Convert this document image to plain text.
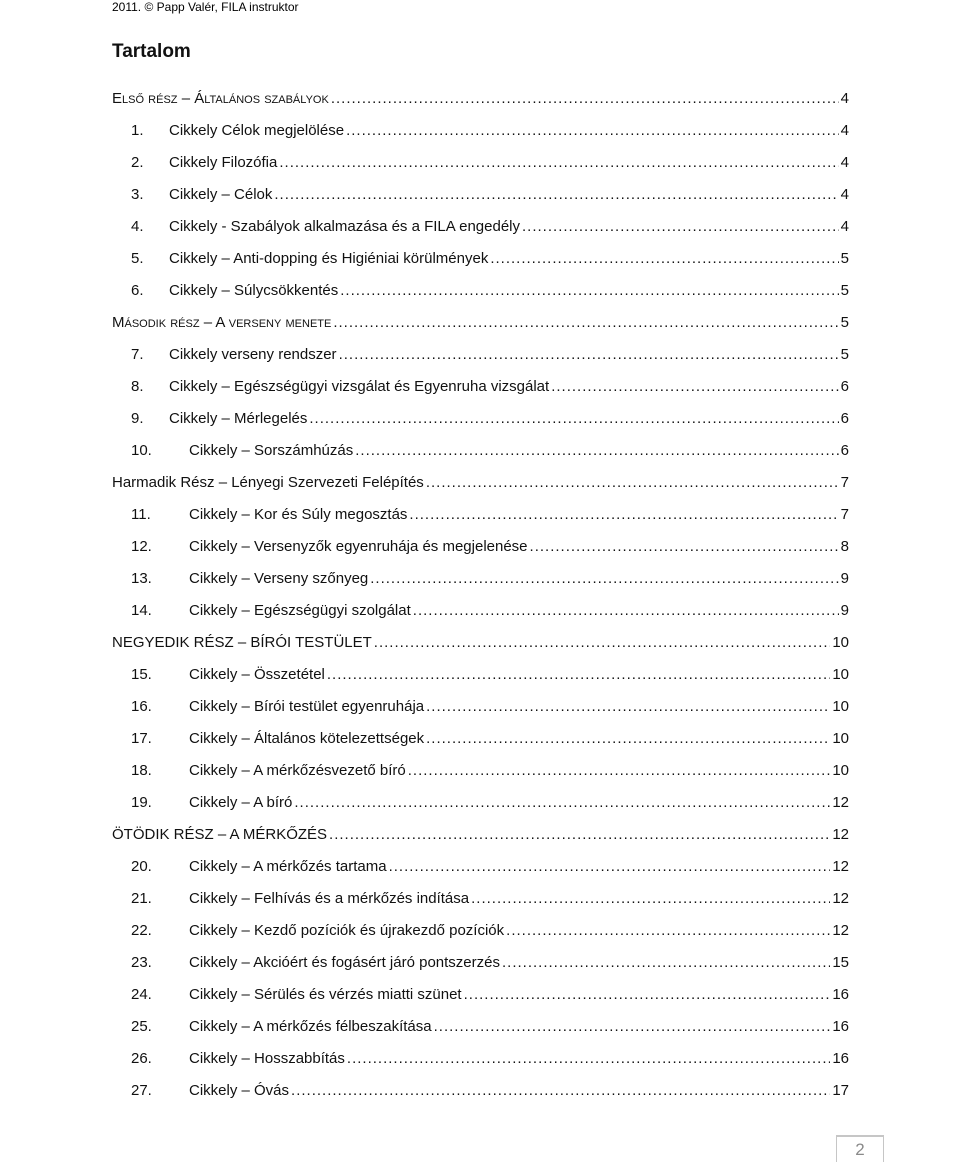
2011. © Papp Valér, FILA instruktor
Tartalom
Első rész – Általános szabályok .....	4
1.	Cikkely Célok megjelölése .....	4
2.	Cikkely Filozófia .....	4
3.	Cikkely – Célok .....	4
4.	Cikkely - Szabályok alkalmazása és a FILA engedély .....	4
5.	Cikkely – Anti-dopping és Higiéniai körülmények .....	5
6.	Cikkely – Súlycsökkentés .....	5
Második rész – A verseny menete .....	5
7.	Cikkely verseny rendszer .....	5
8.	Cikkely – Egészségügyi vizsgálat és Egyenruha vizsgálat .....	6
9.	Cikkely – Mérlegelés .....	6
10.	Cikkely – Sorszámhúzás .....	6
Harmadik Rész – Lényegi Szervezeti Felépítés .....	7
11.	Cikkely – Kor és Súly megosztás .....	7
12.	Cikkely – Versenyzők egyenruhája és megjelenése .....	8
13.	Cikkely – Verseny szőnyeg .....	9
14.	Cikkely – Egészségügyi szolgálat .....	9
NEGYEDIK RÉSZ – BÍRÓI TESTÜLET .....	10
15.	Cikkely – Összetétel .....	10
16.	Cikkely – Bírói testület egyenruhája .....	10
17.	Cikkely – Általános kötelezettségek .....	10
18.	Cikkely – A mérkőzésvezető bíró .....	10
19.	Cikkely – A bíró .....	12
ÖTÖDIK RÉSZ – A MÉRKŐZÉS .....	12
20.	Cikkely – A mérkőzés tartama .....	12
21.	Cikkely – Felhívás és a mérkőzés indítása .....	12
22.	Cikkely – Kezdő pozíciók és újrakezdő pozíciók .....	12
23.	Cikkely – Akcióért és fogásért járó pontszerzés .....	15
24.	Cikkely – Sérülés és vérzés miatti szünet .....	16
25.	Cikkely – A mérkőzés félbeszakítása .....	16
26.	Cikkely – Hosszabbítás .....	16
27.	Cikkely – Óvás .....	17
2
